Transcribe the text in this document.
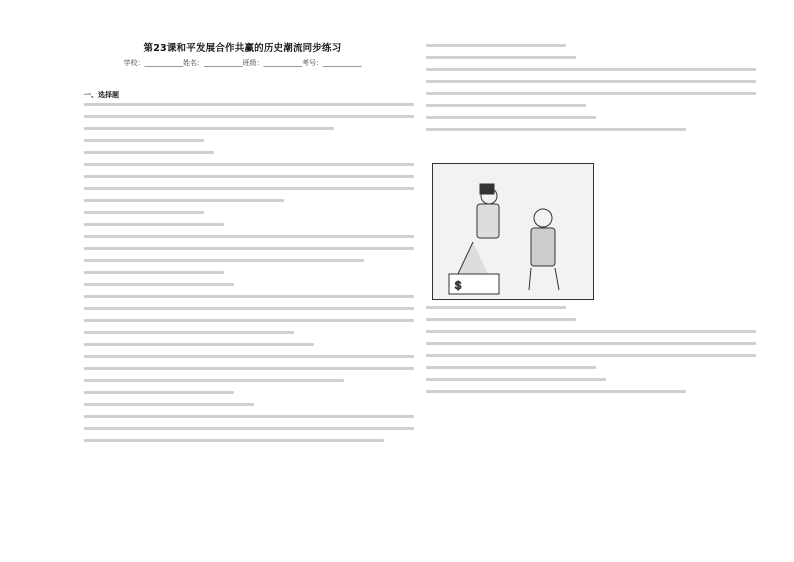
第23课和平发展合作共赢的历史潮流同步练习
学校：___________姓名：___________班级：___________考号：___________
一、选择题
$
